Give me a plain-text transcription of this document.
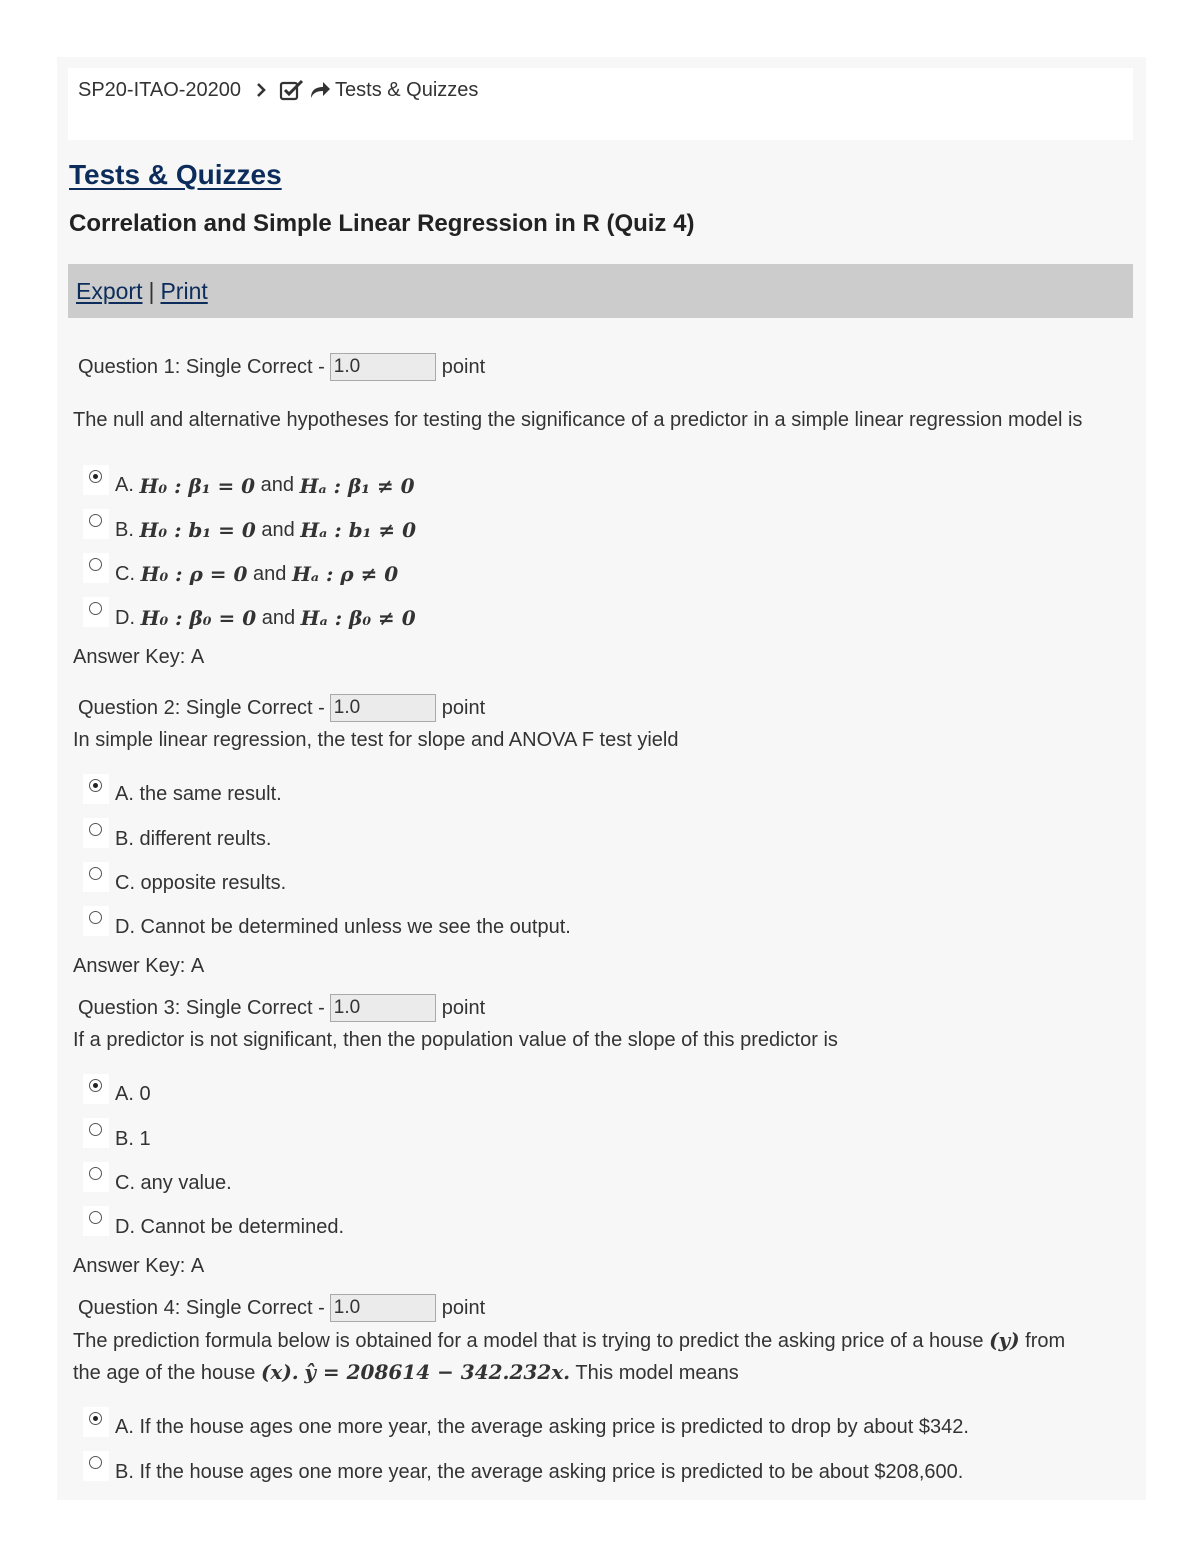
SP20-ITAO-20200	Tests & Quizzes
Tests & Quizzes
Correlation and Simple Linear Regression in R (Quiz 4)
Export | Print
Question 1: Single Correct -
1.0	point
The null and alternative hypotheses for testing the significance of a predictor in a simple linear regression model is
A.
H₀ : β₁ = 0
and
Hₐ : β₁ ≠ 0
B.
H₀ : b₁ = 0
and
Hₐ : b₁ ≠ 0
C.
H₀ : ρ = 0
and
Hₐ : ρ ≠ 0
D.
H₀ : β₀ = 0
and
Hₐ : β₀ ≠ 0
Answer Key:
A
Question 2: Single Correct -
1.0	point
In simple linear regression, the test for slope and ANOVA F test yield
A. the same result.
B. different reults.
C. opposite results.
D. Cannot be determined unless we see the output.
Answer Key:
A
Question 3: Single Correct -
1.0	point
If a predictor is not significant, then the population value of the slope of this predictor is
A. 0
B. 1
C. any value.
D. Cannot be determined.
Answer Key:
A
Question 4: Single Correct -
1.0	point
The prediction formula below is obtained for a model that is trying to predict the asking price of a house (y) from
the age of the house (x). ŷ = 208614 − 342.232x. This model means
A. If the house ages one more year, the average asking price is predicted to drop by about $342.
B. If the house ages one more year, the average asking price is predicted to be about $208,600.
